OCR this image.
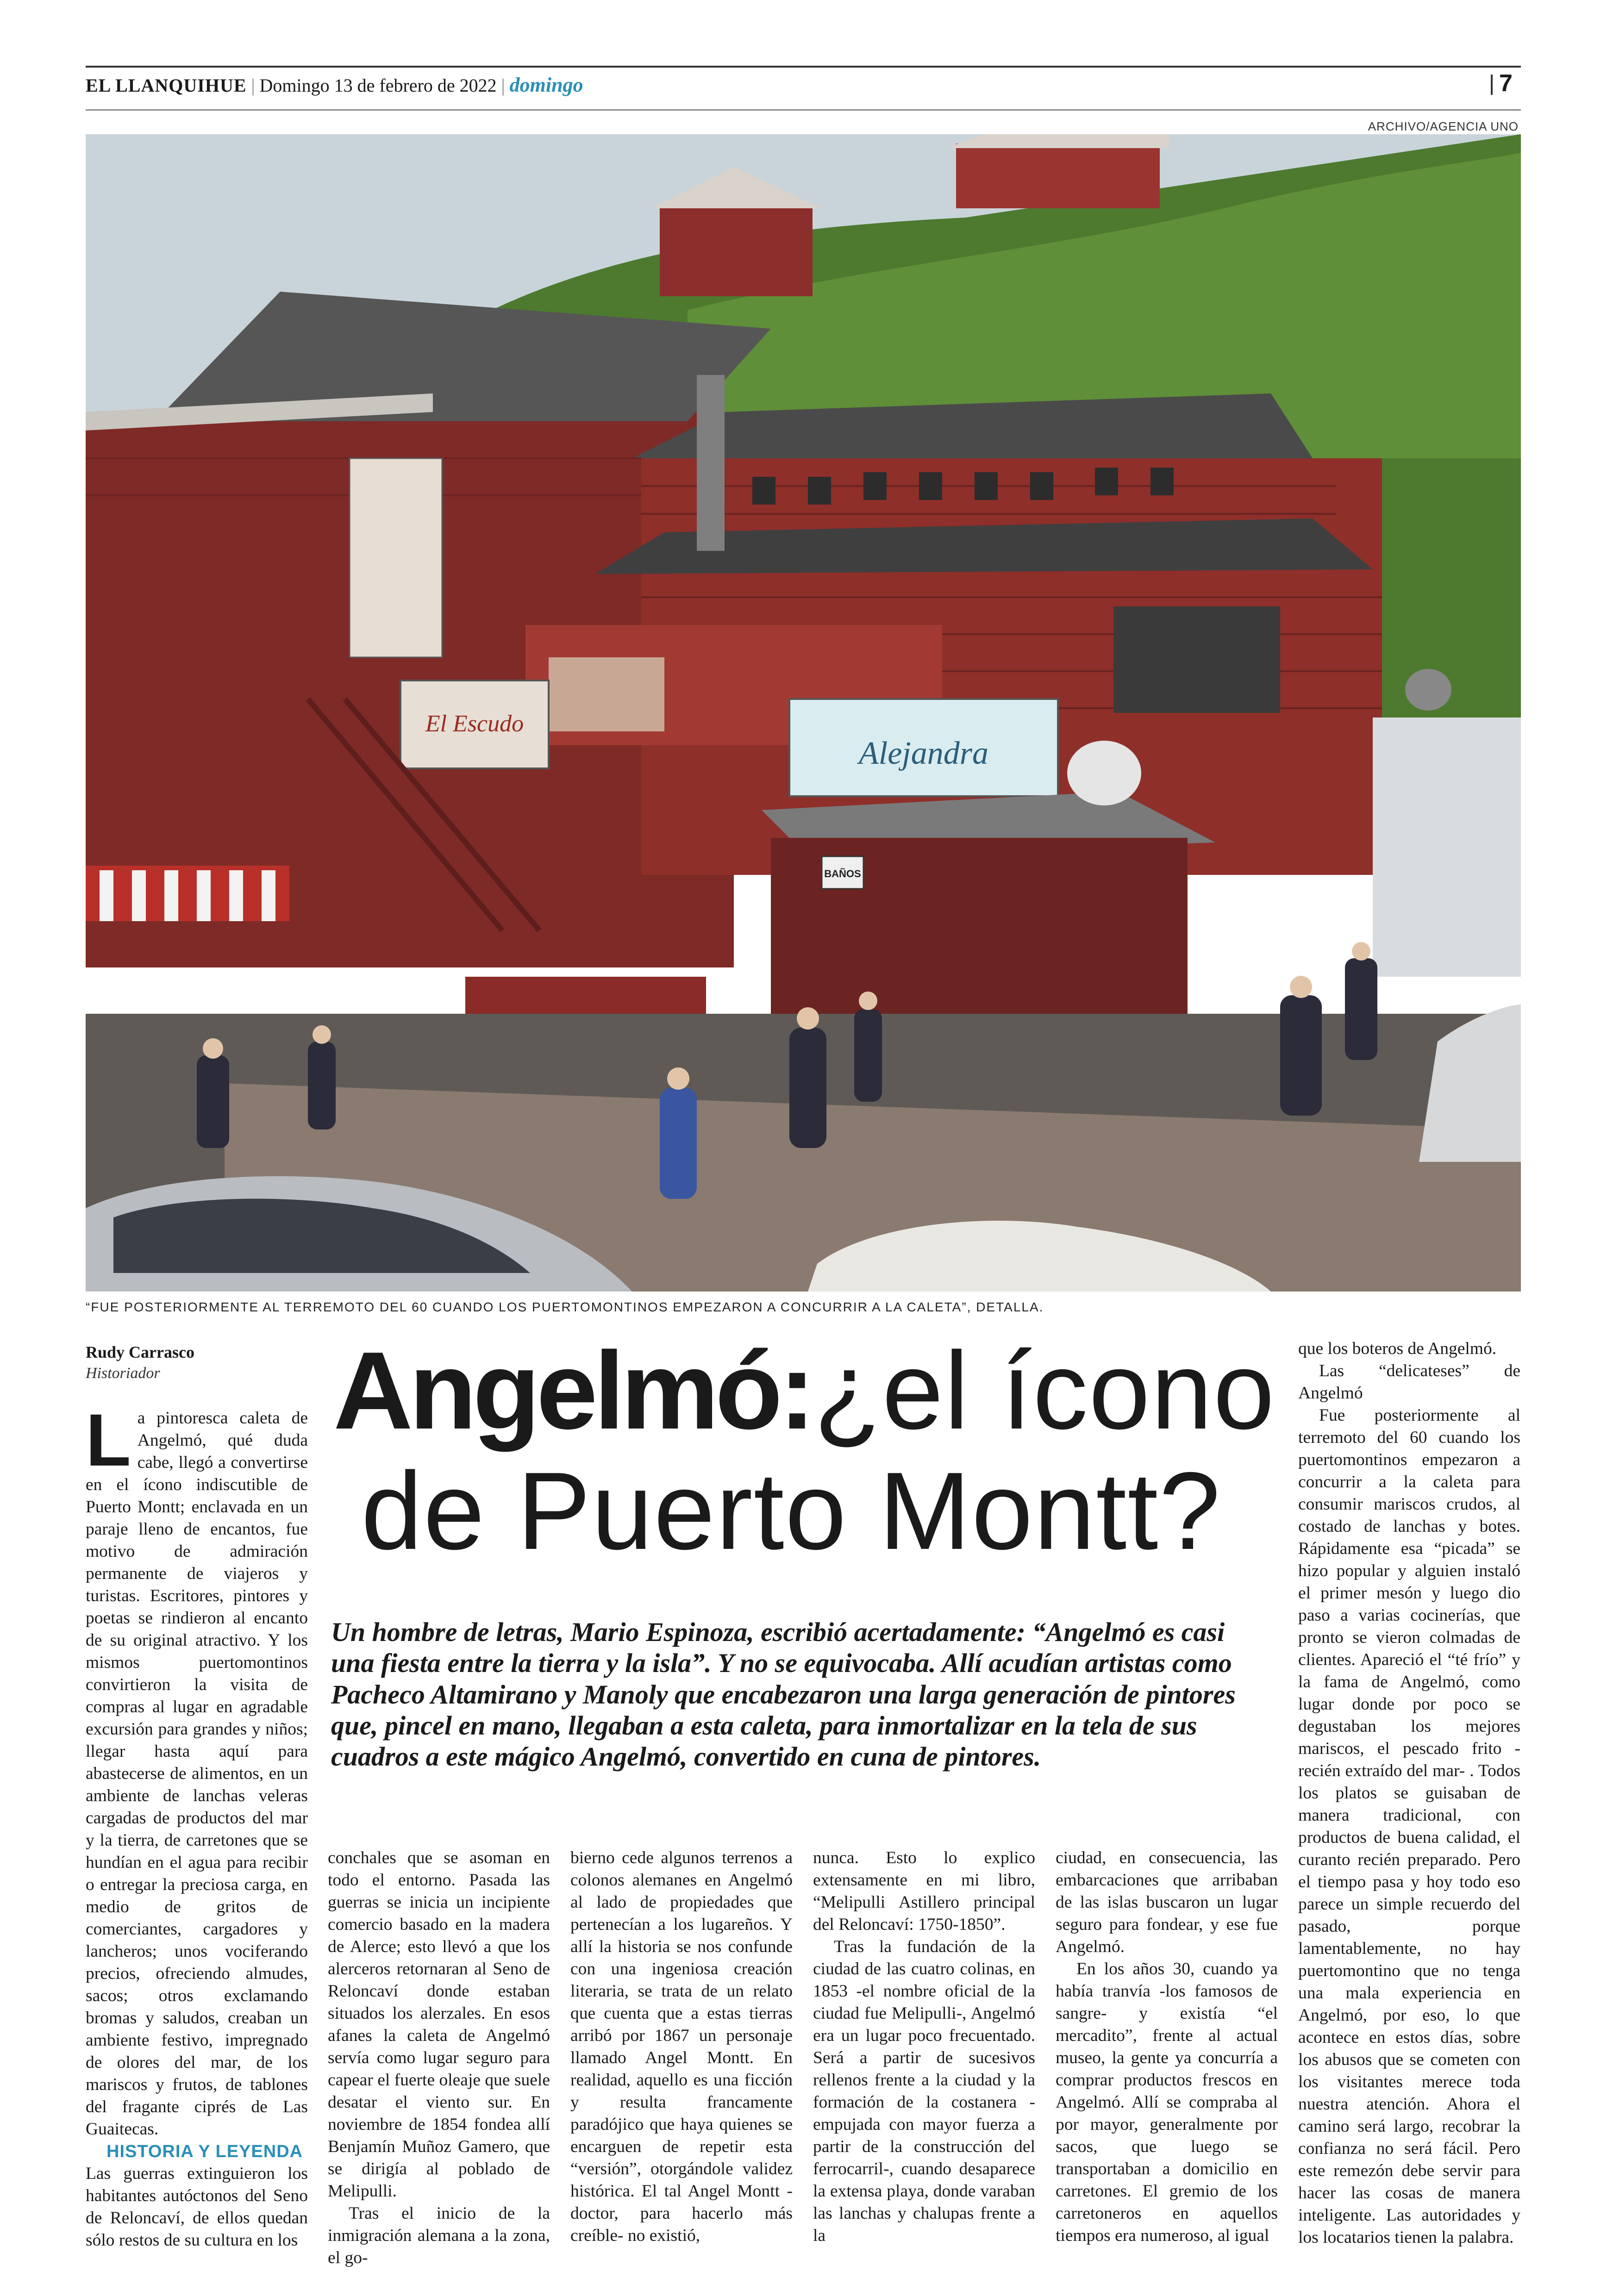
EL LLANQUIHUE | Domingo 13 de febrero de 2022 | domingo	7
ARCHIVO/AGENCIA UNO
Alejandra
El Escudo
BAÑOS
“FUE POSTERIORMENTE AL TERREMOTO DEL 60 CUANDO LOS PUERTOMONTINOS EMPEZARON A CONCURRIR A LA CALETA”, DETALLA.
Rudy Carrasco
Historiador Angelmó: ¿el ícono
de Puerto Montt?
Un hombre de letras, Mario Espinoza, escribió acertadamente: “Angelmó es casi una fiesta entre la tierra y la isla”. Y no se equivocaba. Allí acudían artistas como Pacheco Altamirano y Manoly que encabezaron una larga generación de pintores que, pincel en mano, llegaban a esta caleta, para inmortalizar en la tela de sus cuadros a este mágico Angelmó, convertido en cuna de pintores.

La pintoresca caleta de Angelmó, qué duda cabe, llegó a convertirse en el ícono indiscutible de Puerto Montt; enclavada en un paraje lleno de encantos, fue motivo de admiración permanente de viajeros y turistas. Escritores, pintores y poetas se rindieron al encanto de su original atractivo. Y los mismos puertomontinos convirtieron la visita de compras al lugar en agradable excursión para grandes y niños; llegar hasta aquí para abastecerse de alimentos, en un ambiente de lanchas veleras cargadas de productos del mar y la tierra, de carretones que se hundían en el agua para recibir o entregar la preciosa carga, en medio de gritos de comerciantes, cargadores y lancheros; unos vociferando precios, ofreciendo almudes, sacos; otros exclamando bromas y saludos, creaban un ambiente festivo, impregnado de olores del mar, de los mariscos y frutos, de tablones del fragante ciprés de Las Guaitecas.

HISTORIA Y LEYENDA

Las guerras extinguieron los habitantes autóctonos del Seno de Reloncaví, de ellos quedan sólo restos de su cultura en los

conchales que se asoman en todo el entorno. Pasada las guerras se inicia un incipiente comercio basado en la madera de Alerce; esto llevó a que los alerceros retornaran al Seno de Reloncaví donde estaban situados los alerzales. En esos afanes la caleta de Angelmó servía como lugar seguro para capear el fuerte oleaje que suele desatar el viento sur. En noviembre de 1854 fondea allí Benjamín Muñoz Gamero, que se dirigía al poblado de Melipulli.

Tras el inicio de la inmigración alemana a la zona, el go-

bierno cede algunos terrenos a colonos alemanes en Angelmó al lado de propiedades que pertenecían a los lugareños. Y allí la historia se nos confunde con una ingeniosa creación literaria, se trata de un relato que cuenta que a estas tierras arribó por 1867 un personaje llamado Angel Montt. En realidad, aquello es una ficción y resulta francamente paradójico que haya quienes se encarguen de repetir esta “versión”, otorgándole validez histórica. El tal Angel Montt -doctor, para hacerlo más creíble- no existió,

nunca. Esto lo explico extensamente en mi libro, “Melipulli Astillero principal del Reloncaví: 1750-1850”.

Tras la fundación de la ciudad de las cuatro colinas, en 1853 -el nombre oficial de la ciudad fue Melipulli-, Angelmó era un lugar poco frecuentado. Será a partir de sucesivos rellenos frente a la ciudad y la formación de la costanera -empujada con mayor fuerza a partir de la construcción del ferrocarril-, cuando desaparece la extensa playa, donde varaban las lanchas y chalupas frente a la

ciudad, en consecuencia, las embarcaciones que arribaban de las islas buscaron un lugar seguro para fondear, y ese fue Angelmó.

En los años 30, cuando ya había tranvía -los famosos de sangre- y existía “el mercadito”, frente al actual museo, la gente ya concurría a comprar productos frescos en Angelmó. Allí se compraba al por mayor, generalmente por sacos, que luego se transportaban a domicilio en carretones. El gremio de los carretoneros en aquellos tiempos era numeroso, al igual

que los boteros de Angelmó.

Las “delicateses” de Angelmó

Fue posteriormente al terremoto del 60 cuando los puertomontinos empezaron a concurrir a la caleta para consumir mariscos crudos, al costado de lanchas y botes. Rápidamente esa “picada” se hizo popular y alguien instaló el primer mesón y luego dio paso a varias cocinerías, que pronto se vieron colmadas de clientes. Apareció el “té frío” y la fama de Angelmó, como lugar donde por poco se degustaban los mejores mariscos, el pescado frito -recién extraído del mar- . Todos los platos se guisaban de manera tradicional, con productos de buena calidad, el curanto recién preparado. Pero el tiempo pasa y hoy todo eso parece un simple recuerdo del pasado, porque lamentablemente, no hay puertomontino que no tenga una mala experiencia en Angelmó, por eso, lo que acontece en estos días, sobre los abusos que se cometen con los visitantes merece toda nuestra atención. Ahora el camino será largo, recobrar la confianza no será fácil. Pero este remezón debe servir para hacer las cosas de manera inteligente. Las autoridades y los locatarios tienen la palabra.
